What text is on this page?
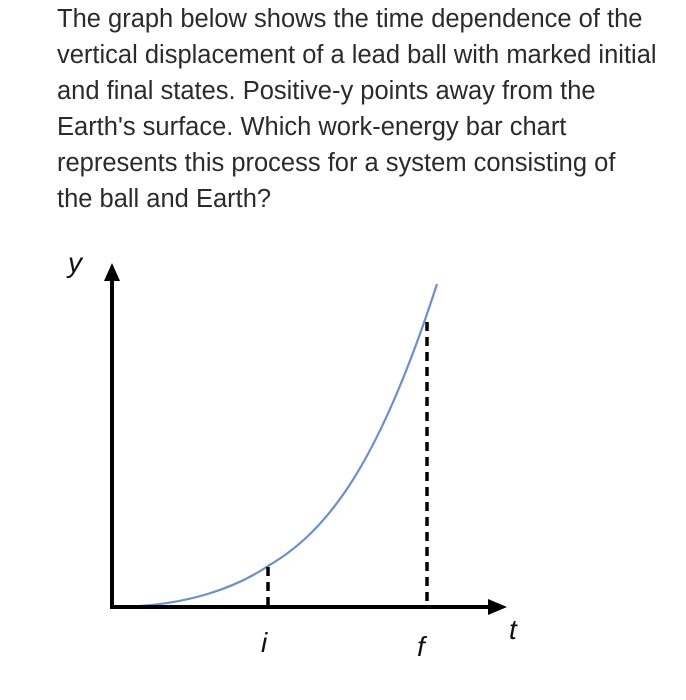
The graph below shows the time dependence of the vertical displacement of a lead ball with marked initial and final states. Positive-y points away from the Earth's surface. Which work-energy bar chart represents this process for a system consisting of the ball and Earth?

y
t
i	f
